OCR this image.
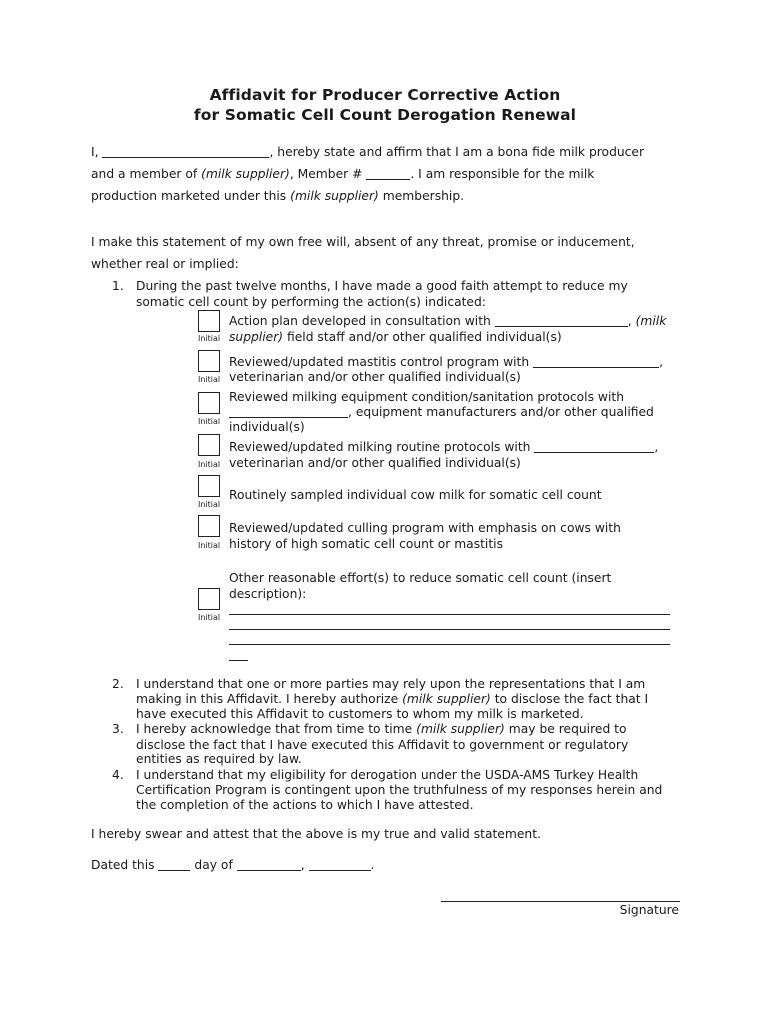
Affidavit for Producer Corrective Action
for Somatic Cell Count Derogation Renewal
I,	, hereby state and affirm that I am a bona fide milk producer
and a member of (milk supplier), Member #	. I am responsible for the milk
production marketed under this (milk supplier) membership.
I make this statement of my own free will, absent of any threat, promise or inducement,
whether real or implied:
1. During the past twelve months, I have made a good faith attempt to reduce my
somatic cell count by performing the action(s) indicated:
Initial
Action plan developed in consultation with	, (milk
supplier) field staff and/or other qualified individual(s)
Initial
Reviewed/updated mastitis control program with	,
veterinarian and/or other qualified individual(s)
Initial
Reviewed milking equipment condition/sanitation protocols with
, equipment manufacturers and/or other qualified
individual(s)
Initial
Reviewed/updated milking routine protocols with	,
veterinarian and/or other qualified individual(s)
Initial
Routinely sampled individual cow milk for somatic cell count
Initial
Reviewed/updated culling program with emphasis on cows with
history of high somatic cell count or mastitis
Other reasonable effort(s) to reduce somatic cell count (insert
description):
Initial
2. I understand that one or more parties may rely upon the representations that I am
making in this Affidavit. I hereby authorize (milk supplier) to disclose the fact that I
have executed this Affidavit to customers to whom my milk is marketed.
3. I hereby acknowledge that from time to time (milk supplier) may be required to
disclose the fact that I have executed this Affidavit to government or regulatory
entities as required by law.
4. I understand that my eligibility for derogation under the USDA-AMS Turkey Health
Certification Program is contingent upon the truthfulness of my responses herein and
the completion of the actions to which I have attested.
I hereby swear and attest that the above is my true and valid statement.
Dated this	day of	,	.
Signature
